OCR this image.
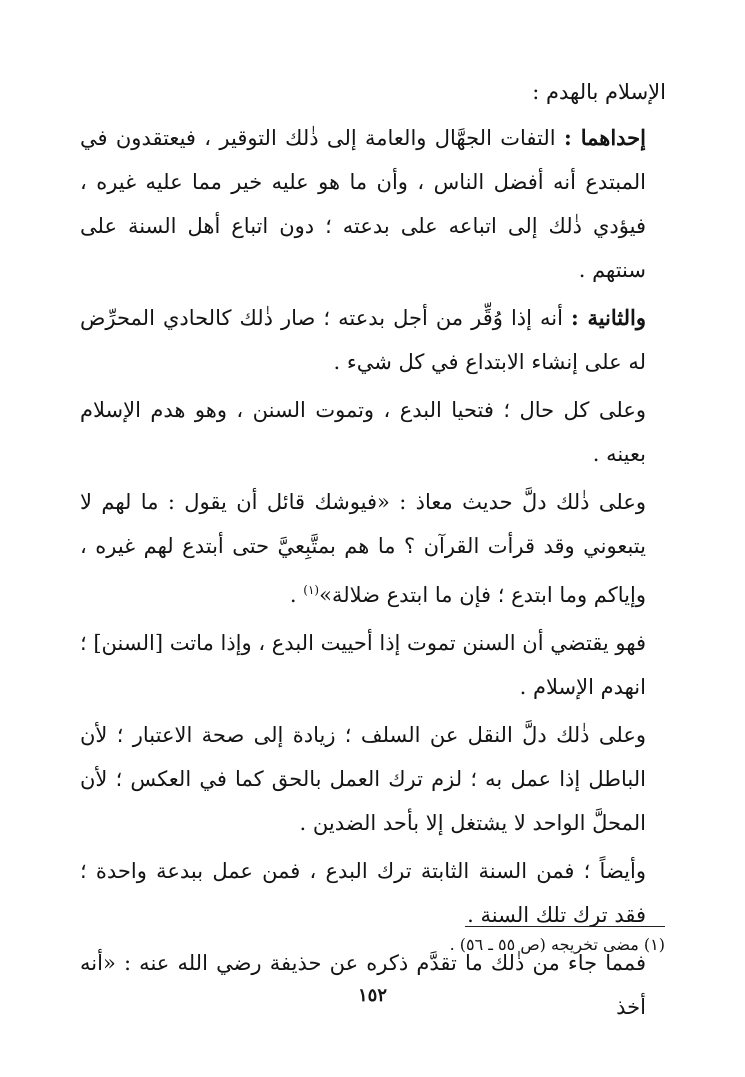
الإسلام بالهدم :

إحداهما : التفات الجهَّال والعامة إلى ذٰلك التوقير ، فيعتقدون في المبتدع أنه أفضل الناس ، وأن ما هو عليه خير مما عليه غيره ، فيؤدي ذٰلك إلى اتباعه على بدعته ؛ دون اتباع أهل السنة على سنتهم .

والثانية : أنه إذا وُقِّر من أجل بدعته ؛ صار ذٰلك كالحادي المحرِّض له على إنشاء الابتداع في كل شيء .

وعلى كل حال ؛ فتحيا البدع ، وتموت السنن ، وهو هدم الإسلام بعينه .

وعلى ذٰلك دلَّ حديث معاذ : «فيوشك قائل أن يقول : ما لهم لا يتبعوني وقد قرأت القرآن ؟ ما هم بمتَّبِعيَّ حتى أبتدع لهم غيره ، وإياكم وما ابتدع ؛ فإن ما ابتدع ضلالة»$^{(١)}$ .

فهو يقتضي أن السنن تموت إذا أحييت البدع ، وإذا ماتت [السنن] ؛ انهدم الإسلام .

وعلى ذٰلك دلَّ النقل عن السلف ؛ زيادة إلى صحة الاعتبار ؛ لأن الباطل إذا عمل به ؛ لزم ترك العمل بالحق كما في العكس ؛ لأن المحلَّ الواحد لا يشتغل إلا بأحد الضدين .

وأيضاً ؛ فمن السنة الثابتة ترك البدع ، فمن عمل ببدعة واحدة ؛ فقد ترك تلك السنة .

فمما جاء من ذٰلك ما تقدَّم ذكره عن حذيفة رضي الله عنه : «أنه أخذ
(١) مضى تخريجه (ص ٥٥ ـ ٥٦) .
١٥٢
